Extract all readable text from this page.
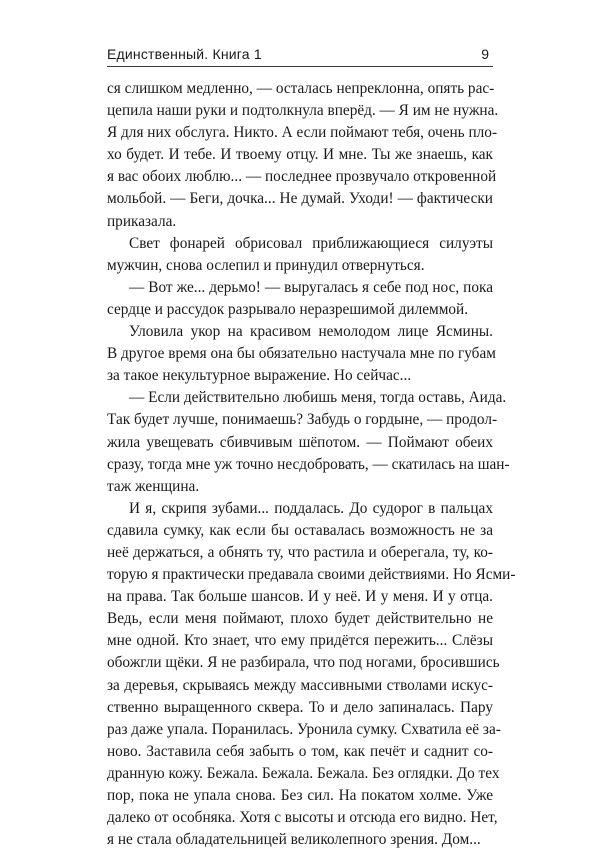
Единственный. Книга 1	9
ся слишком медленно, — осталась непреклонна, опять рас-
цепила наши руки и подтолкнула вперёд. — Я им не нужна.
Я для них обслуга. Никто. А если поймают тебя, очень пло-
хо будет. И тебе. И твоему отцу. И мне. Ты же знаешь, как
я вас обоих люблю... — последнее прозвучало откровенной
мольбой. — Беги, дочка... Не думай. Уходи! — фактически
приказала.
Свет фонарей обрисовал приближающиеся силуэты
мужчин, снова ослепил и принудил отвернуться.
— Вот же... дерьмо! — выругалась я себе под нос, пока
сердце и рассудок разрывало неразрешимой дилеммой.
Уловила укор на красивом немолодом лице Ясмины.
В другое время она бы обязательно настучала мне по губам
за такое некультурное выражение. Но сейчас...
— Если действительно любишь меня, тогда оставь, Аида.
Так будет лучше, понимаешь? Забудь о гордыне, — продол-
жила увещевать сбивчивым шёпотом. — Поймают обеих
сразу, тогда мне уж точно несдобровать, — скатилась на шан-
таж женщина.
И я, скрипя зубами... поддалась. До судорог в пальцах
сдавила сумку, как если бы оставалась возможность не за
неё держаться, а обнять ту, что растила и оберегала, ту, ко-
торую я практически предавала своими действиями. Но Ясми-
на права. Так больше шансов. И у неё. И у меня. И у отца.
Ведь, если меня поймают, плохо будет действительно не
мне одной. Кто знает, что ему придётся пережить... Слёзы
обожгли щёки. Я не разбирала, что под ногами, бросившись
за деревья, скрываясь между массивными стволами искус-
ственно выращенного сквера. То и дело запиналась. Пару
раз даже упала. Поранилась. Уронила сумку. Схватила её за-
ново. Заставила себя забыть о том, как печёт и саднит со-
дранную кожу. Бежала. Бежала. Бежала. Без оглядки. До тех
пор, пока не упала снова. Без сил. На покатом холме. Уже
далеко от особняка. Хотя с высоты и отсюда его видно. Нет,
я не стала обладательницей великолепного зрения. Дом...
